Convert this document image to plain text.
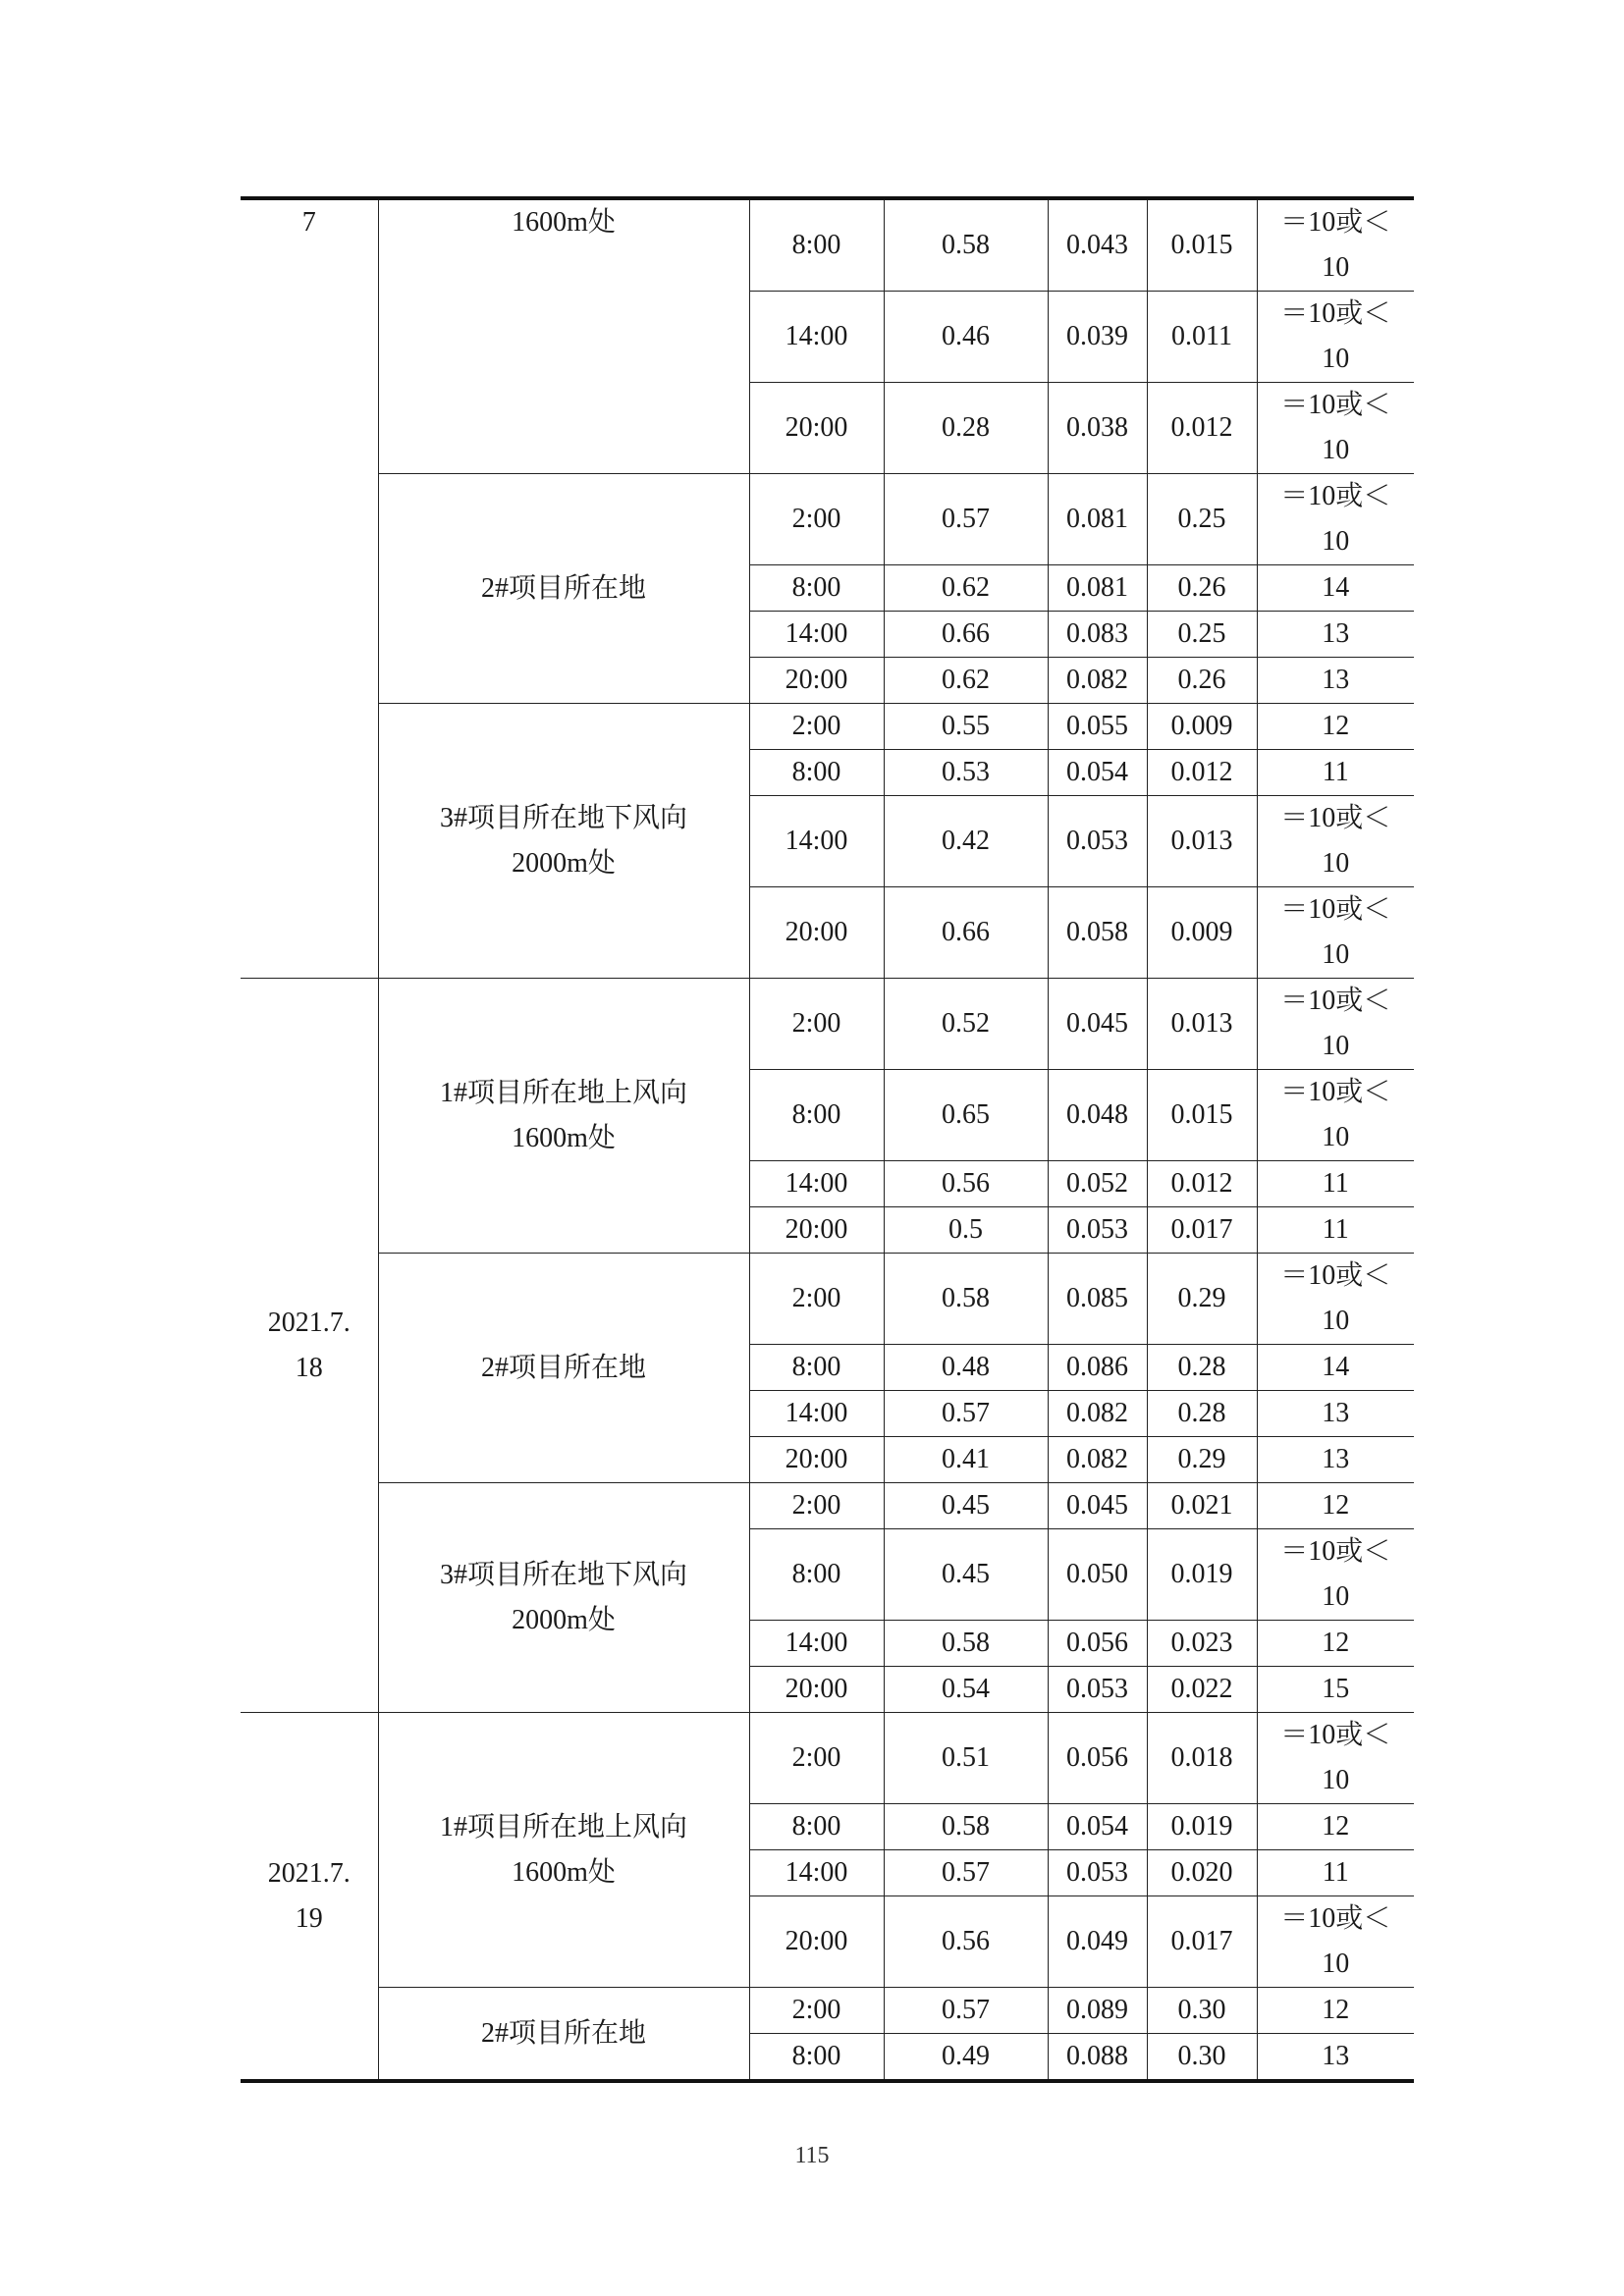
7	1600m处	8:00	0.58	0.043	0.015	＝10或＜10
		14:00	0.46	0.039	0.011	＝10或＜10
		20:00	0.28	0.038	0.012	＝10或＜10
	2#项目所在地	2:00	0.57	0.081	0.25	＝10或＜10
		8:00	0.62	0.081	0.26	14
		14:00	0.66	0.083	0.25	13
		20:00	0.62	0.082	0.26	13
	3#项目所在地下风向2000m处	2:00	0.55	0.055	0.009	12
		8:00	0.53	0.054	0.012	11
		14:00	0.42	0.053	0.013	＝10或＜10
		20:00	0.66	0.058	0.009	＝10或＜10
2021.7.18	1#项目所在地上风向1600m处	2:00	0.52	0.045	0.013	＝10或＜10
		8:00	0.65	0.048	0.015	＝10或＜10
		14:00	0.56	0.052	0.012	11
		20:00	0.5	0.053	0.017	11
	2#项目所在地	2:00	0.58	0.085	0.29	＝10或＜10
		8:00	0.48	0.086	0.28	14
		14:00	0.57	0.082	0.28	13
		20:00	0.41	0.082	0.29	13
	3#项目所在地下风向2000m处	2:00	0.45	0.045	0.021	12
		8:00	0.45	0.050	0.019	＝10或＜10
		14:00	0.58	0.056	0.023	12
		20:00	0.54	0.053	0.022	15
2021.7.19	1#项目所在地上风向1600m处	2:00	0.51	0.056	0.018	＝10或＜10
		8:00	0.58	0.054	0.019	12
		14:00	0.57	0.053	0.020	11
		20:00	0.56	0.049	0.017	＝10或＜10
	2#项目所在地	2:00	0.57	0.089	0.30	12
		8:00	0.49	0.088	0.30	13
115
